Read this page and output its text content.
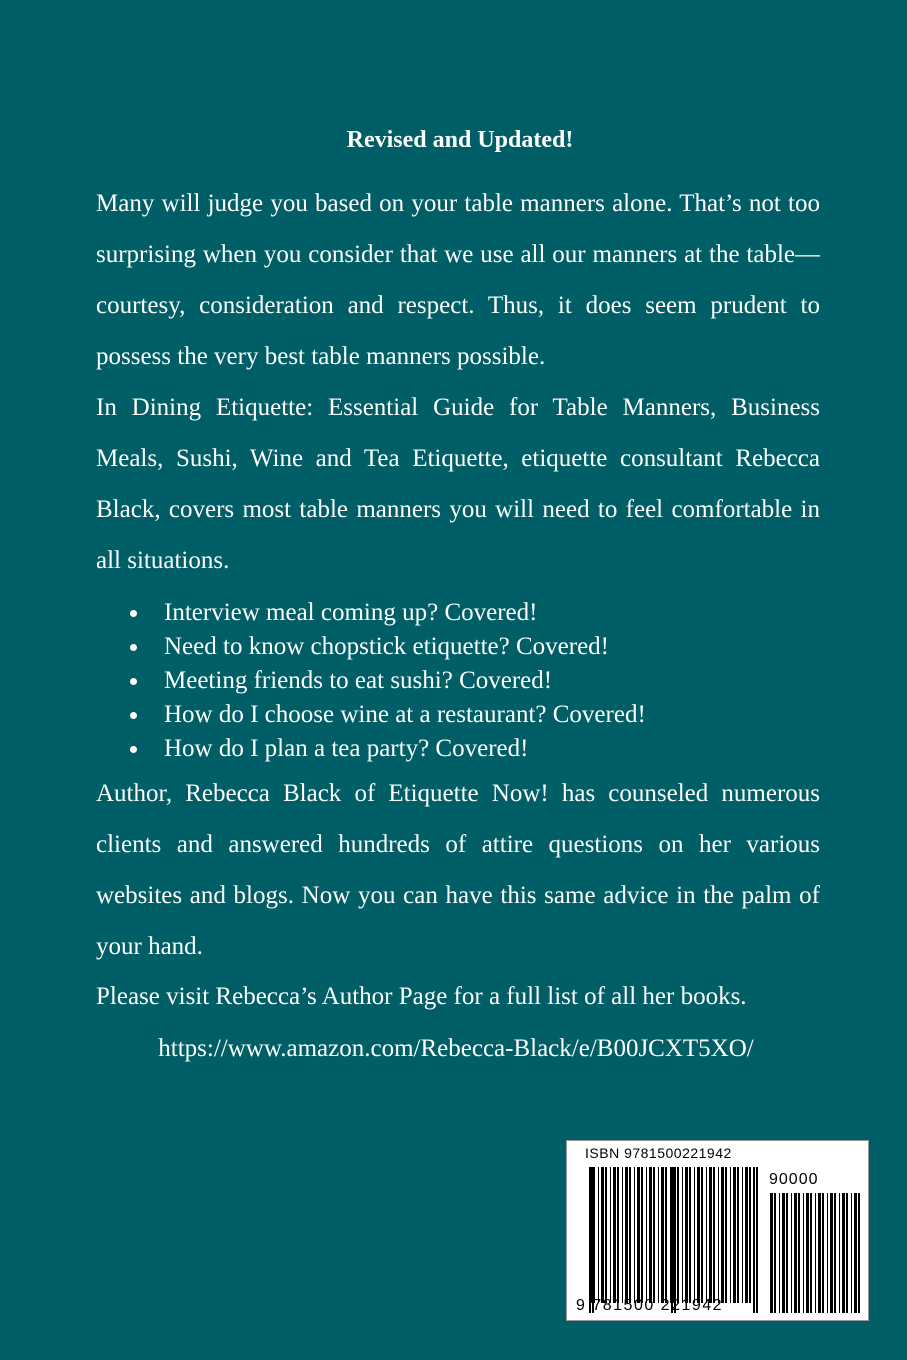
Revised and Updated!

Many will judge you based on your table manners alone. That’s not too surprising when you consider that we use all our manners at the table—courtesy, consideration and respect. Thus, it does seem prudent to possess the very best table manners possible.

In Dining Etiquette: Essential Guide for Table Manners, Business Meals, Sushi, Wine and Tea Etiquette, etiquette consultant Rebecca Black, covers most table manners you will need to feel comfortable in all situations.

Interview meal coming up? Covered!
Need to know chopstick etiquette? Covered!
Meeting friends to eat sushi? Covered!
How do I choose wine at a restaurant? Covered!
How do I plan a tea party? Covered!

Author, Rebecca Black of Etiquette Now! has counseled numerous clients and answered hundreds of attire questions on her various websites and blogs. Now you can have this same advice in the palm of your hand.

Please visit Rebecca’s Author Page for a full list of all her books.

https://www.amazon.com/Rebecca-Black/e/B00JCXT5XO/
ISBN 9781500221942
90000
9 781500 221942
